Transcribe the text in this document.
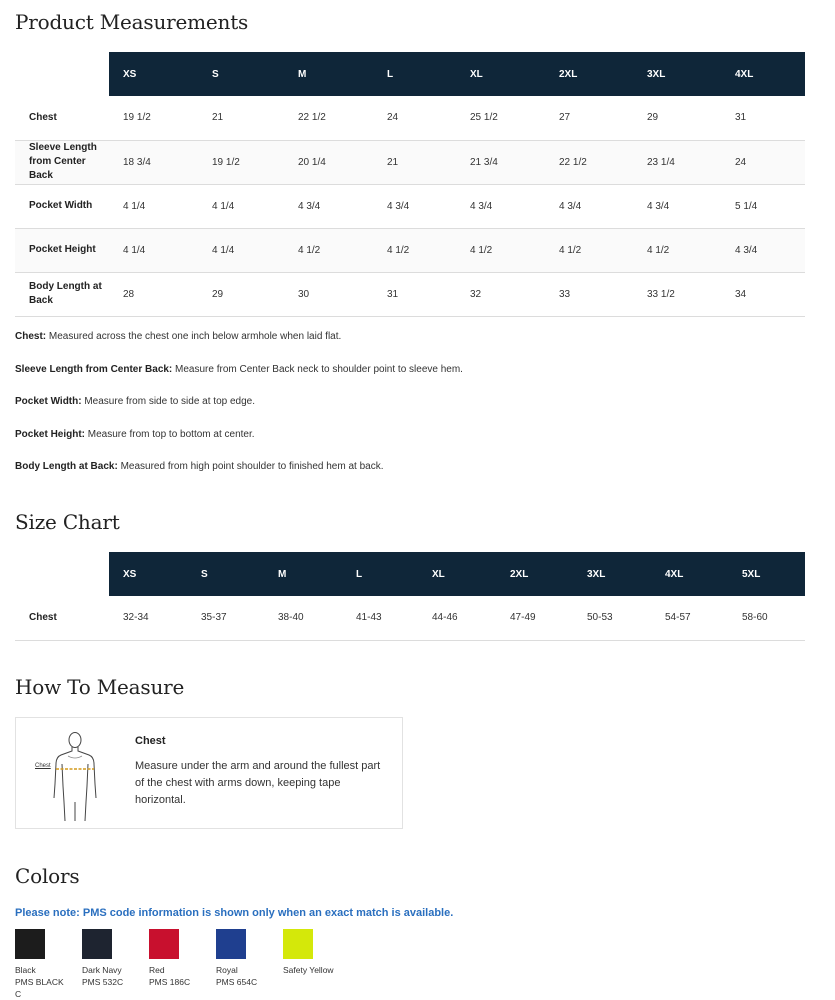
Product Measurements
	XS	S	M	L	XL	2XL	3XL	4XL
Chest	19 1/2	21	22 1/2	24	25 1/2	27	29	31
Sleeve Length from Center Back	18 3/4	19 1/2	20 1/4	21	21 3/4	22 1/2	23 1/4	24
Pocket Width	4 1/4	4 1/4	4 3/4	4 3/4	4 3/4	4 3/4	4 3/4	5 1/4
Pocket Height	4 1/4	4 1/4	4 1/2	4 1/2	4 1/2	4 1/2	4 1/2	4 3/4
Body Length at Back	28	29	30	31	32	33	33 1/2	34
Chest: Measured across the chest one inch below armhole when laid flat.
Sleeve Length from Center Back: Measure from Center Back neck to shoulder point to sleeve hem.
Pocket Width: Measure from side to side at top edge.
Pocket Height: Measure from top to bottom at center.
Body Length at Back: Measured from high point shoulder to finished hem at back.
Size Chart
	XS	S	M	L	XL	2XL	3XL	4XL	5XL
Chest	32-34	35-37	38-40	41-43	44-46	47-49	50-53	54-57	58-60
How To Measure
Chest
Chest
Measure under the arm and around the fullest part of the chest with arms down, keeping tape horizontal.
Colors
Please note: PMS code information is shown only when an exact match is available.
Black
PMS BLACK C
Dark Navy
PMS 532C
Red
PMS 186C
Royal
PMS 654C
Safety Yellow
